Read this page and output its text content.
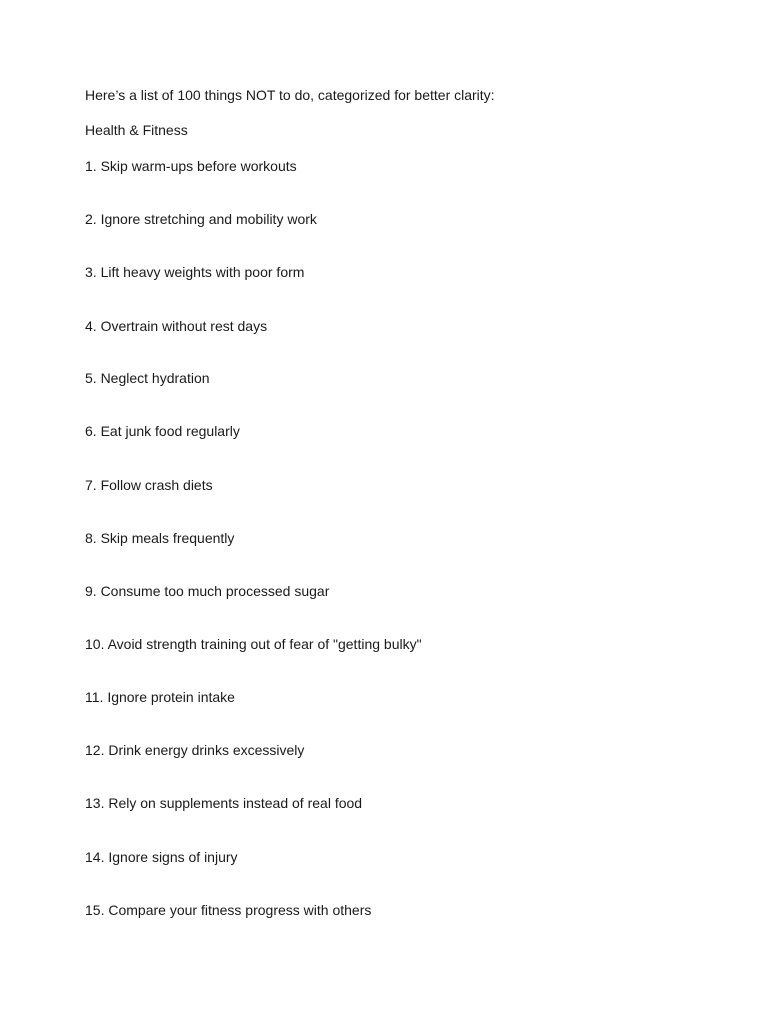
Here’s a list of 100 things NOT to do, categorized for better clarity:

Health & Fitness

1. Skip warm-ups before workouts

2. Ignore stretching and mobility work

3. Lift heavy weights with poor form

4. Overtrain without rest days

5. Neglect hydration

6. Eat junk food regularly

7. Follow crash diets

8. Skip meals frequently

9. Consume too much processed sugar

10. Avoid strength training out of fear of "getting bulky"

11. Ignore protein intake

12. Drink energy drinks excessively

13. Rely on supplements instead of real food

14. Ignore signs of injury

15. Compare your fitness progress with others
